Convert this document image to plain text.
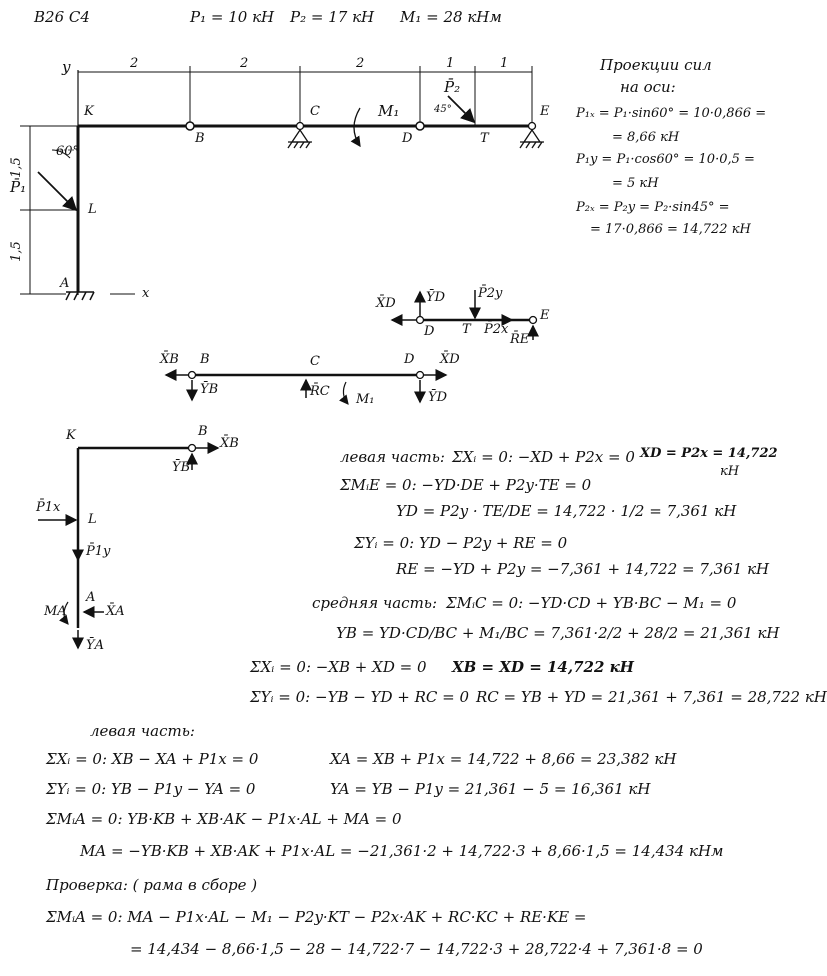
В26 С4	P₁ = 10 кН P₂ = 17 кН M₁ = 28 кНм
y	2	2	2	1	1
1,5
1,5
K
B
C
D
E
T
L
A
x
60°
45°
P̄₁
P̄₂
M₁
Проекции сил
на оси:
P₁ₓ = P₁·sin60° = 10·0,866 =
= 8,66 кН
P₁y = P₁·cos60° = 10·0,5 =
= 5 кН
P₂ₓ = P₂y = P₂·sin45° =
= 17·0,866 = 14,722 кН
X̄D ȲD	P̄2y
P̄2x
R̄E
D T
E
X̄B B
ȲB
C
R̄C
M₁
D X̄D
ȲD
K	B
X̄B
ȲB
P̄1x
L
P̄1y
A
MA	X̄A
ȲA
левая часть: ΣXᵢ = 0: −XD + P2x = 0 XD = P2x = 14,722
кН
ΣMᵢE = 0: −YD·DE + P2y·TE = 0
YD = P2y · TE/DE = 14,722 · 1/2 = 7,361 кН
ΣYᵢ = 0: YD − P2y + RE = 0
RE = −YD + P2y = −7,361 + 14,722 = 7,361 кН
средняя часть: ΣMᵢC = 0: −YD·CD + YB·BC − M₁ = 0
YB = YD·CD/BC + M₁/BC = 7,361·2/2 + 28/2 = 21,361 кН
ΣXᵢ = 0: −XB + XD = 0 XB = XD = 14,722 кН
ΣYᵢ = 0: −YB − YD + RC = 0 RC = YB + YD = 21,361 + 7,361 = 28,722 кН
левая часть:
ΣXᵢ = 0: XB − XA + P1x = 0	XA = XB + P1x = 14,722 + 8,66 = 23,382 кН
ΣYᵢ = 0: YB − P1y − YA = 0	YA = YB − P1y = 21,361 − 5 = 16,361 кН
ΣMᵢA = 0: YB·KB + XB·AK − P1x·AL + MA = 0
MA = −YB·KB + XB·AK + P1x·AL = −21,361·2 + 14,722·3 + 8,66·1,5 = 14,434 кНм
Проверка: ( рама в сборе )
ΣMᵢA = 0: MA − P1x·AL − M₁ − P2y·KT − P2x·AK + RC·KC + RE·KE =
= 14,434 − 8,66·1,5 − 28 − 14,722·7 − 14,722·3 + 28,722·4 + 7,361·8 = 0
